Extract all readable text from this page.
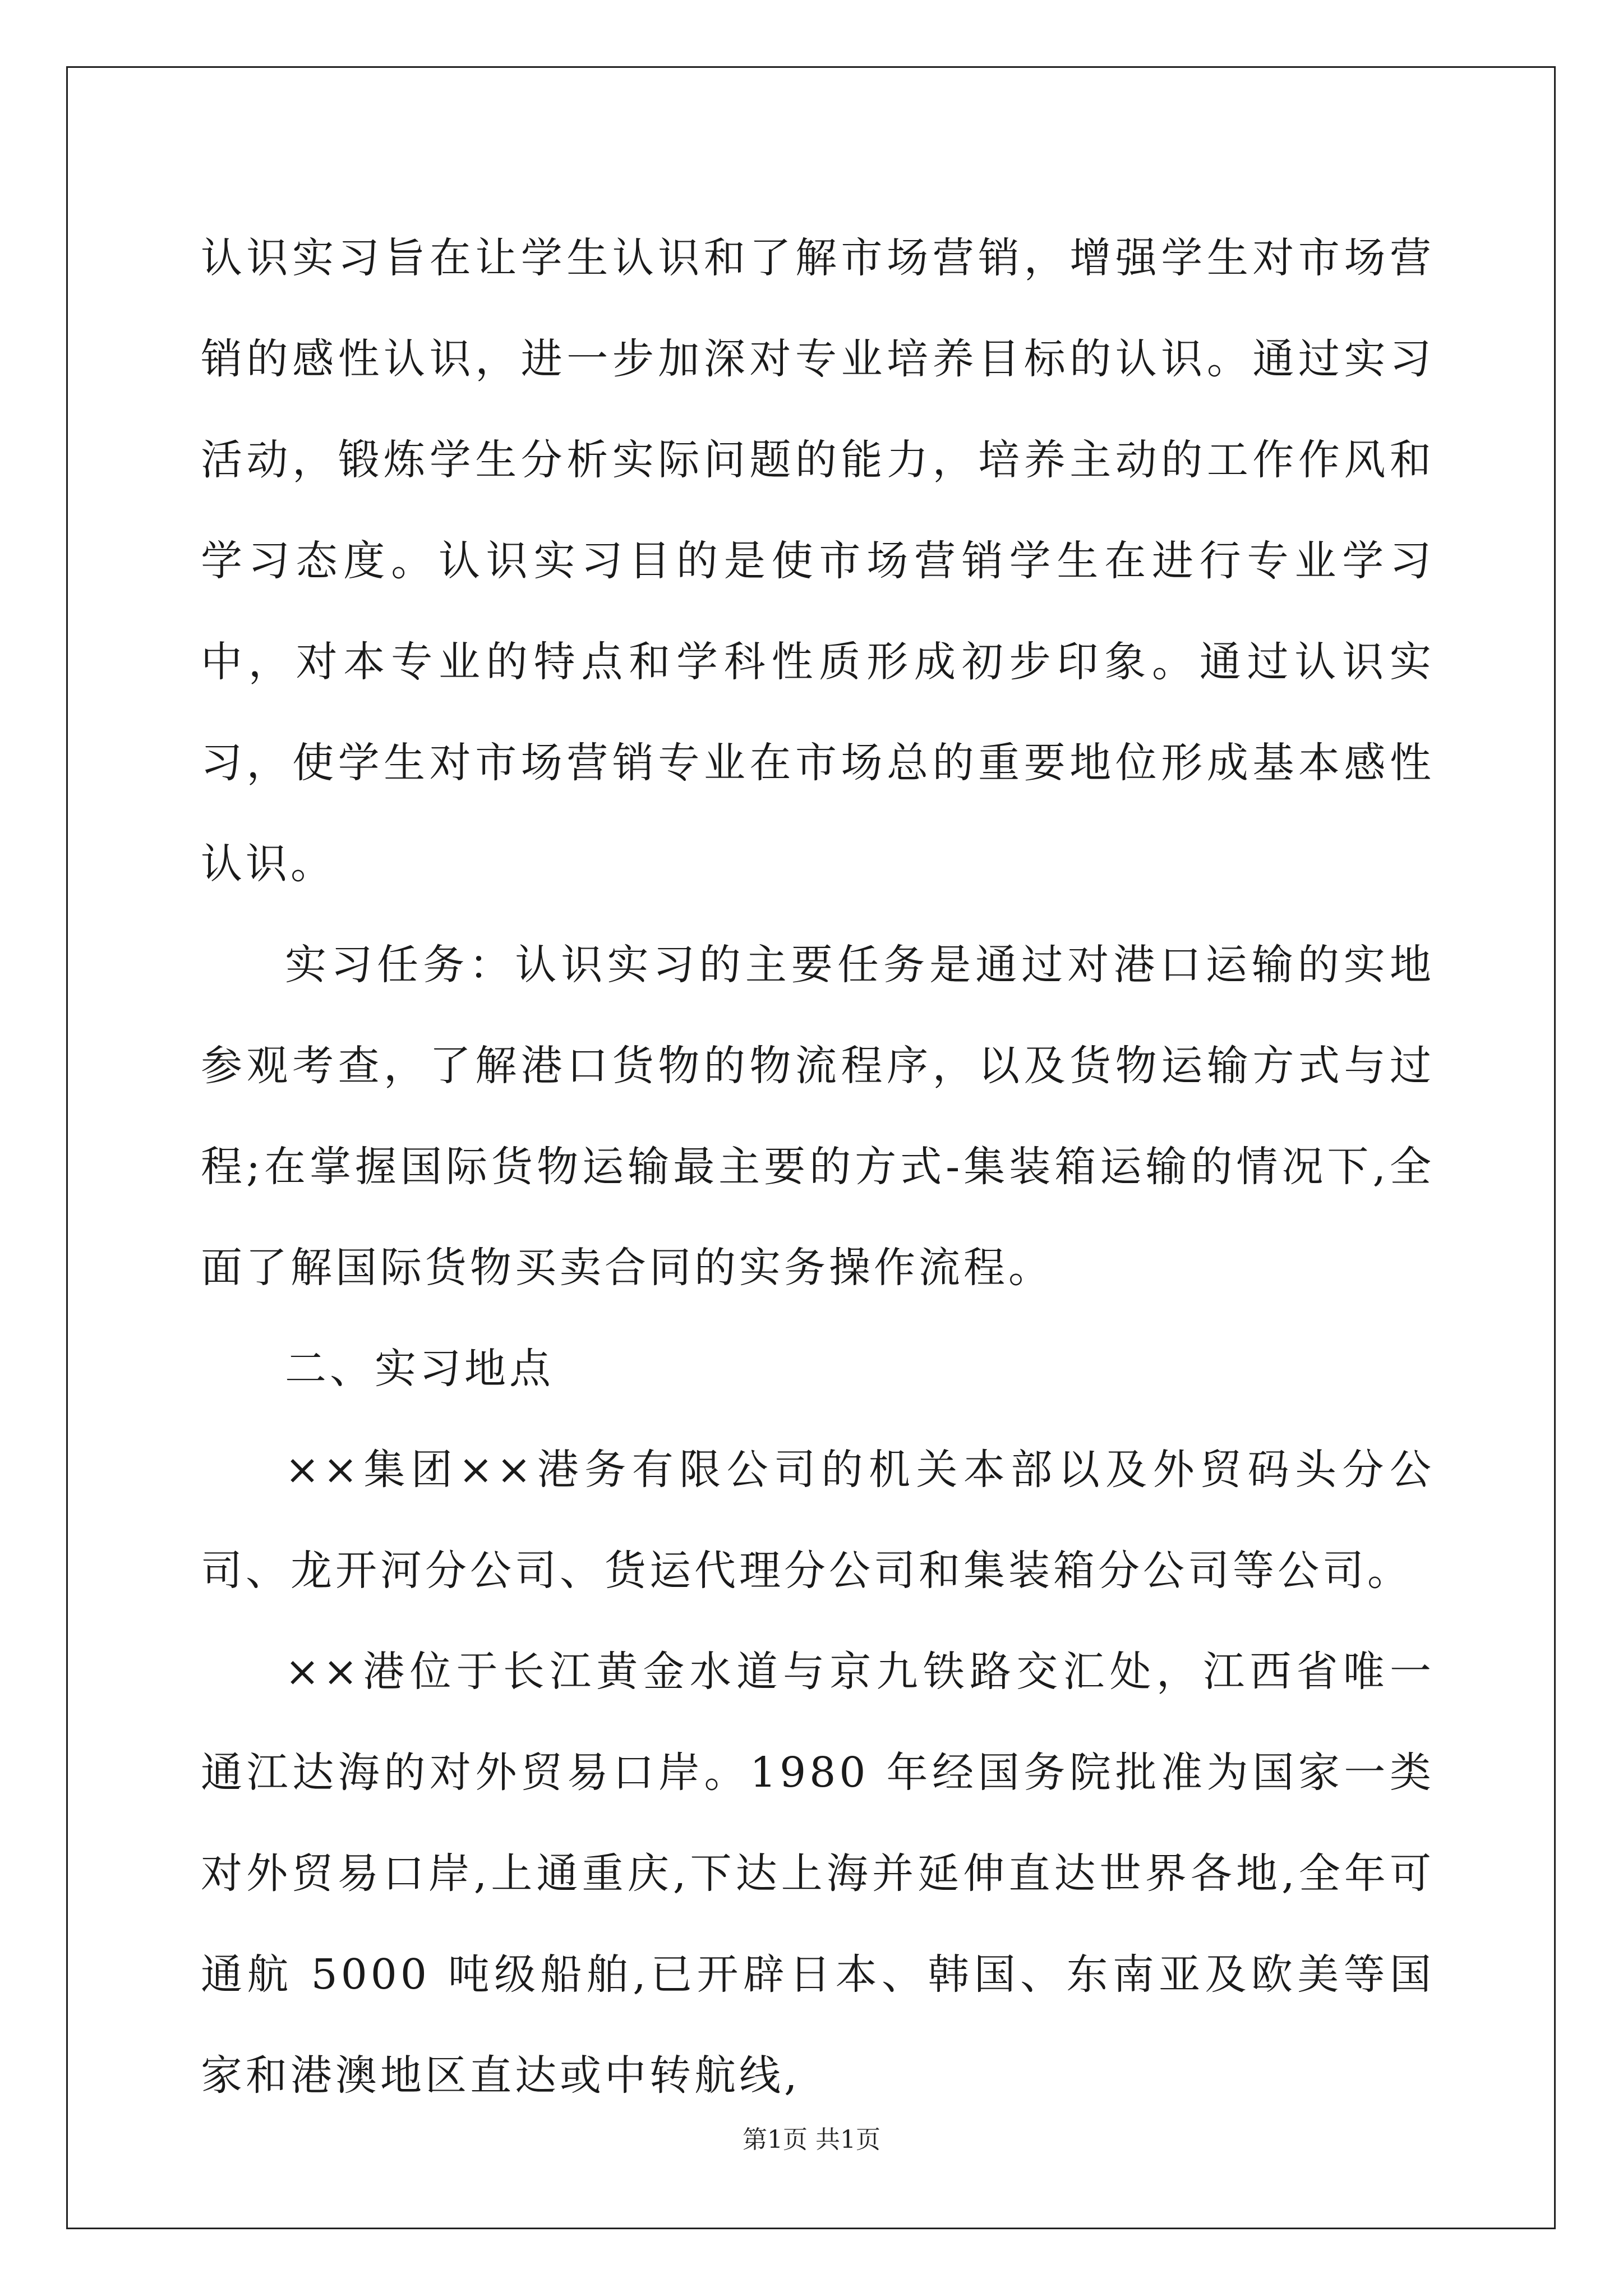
认识实习旨在让学生认识和了解市场营销，增强学生对市场营销的感性认识，进一步加深对专业培养目标的认识。通过实习活动，锻炼学生分析实际问题的能力，培养主动的工作作风和学习态度。认识实习目的是使市场营销学生在进行专业学习中，对本专业的特点和学科性质形成初步印象。通过认识实习，使学生对市场营销专业在市场总的重要地位形成基本感性认识。

实习任务：认识实习的主要任务是通过对港口运输的实地参观考查，了解港口货物的物流程序，以及货物运输方式与过程;在掌握国际货物运输最主要的方式-集装箱运输的情况下,全面了解国际货物买卖合同的实务操作流程。

二、实习地点

××集团××港务有限公司的机关本部以及外贸码头分公司、龙开河分公司、货运代理分公司和集装箱分公司等公司。

××港位于长江黄金水道与京九铁路交汇处，江西省唯一通江达海的对外贸易口岸。1980 年经国务院批准为国家一类对外贸易口岸,上通重庆,下达上海并延伸直达世界各地,全年可通航 5000 吨级船舶,已开辟日本、韩国、东南亚及欧美等国家和港澳地区直达或中转航线,

第1页 共1页
